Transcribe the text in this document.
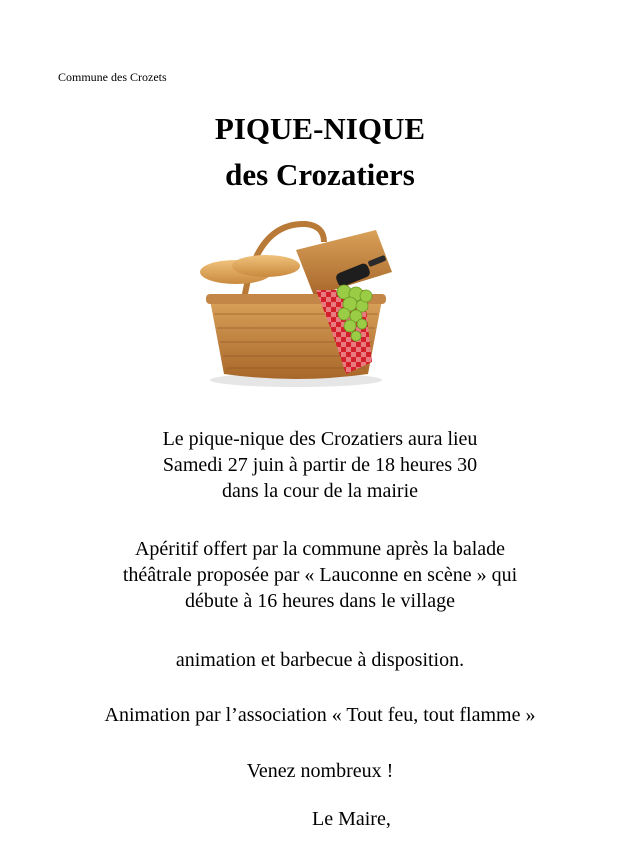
Commune des Crozets
PIQUE-NIQUE
des Crozatiers
Le pique-nique des Crozatiers aura lieu
Samedi 27 juin à partir de 18 heures 30
dans la cour de la mairie
Apéritif offert par la commune après la balade
théâtrale proposée par « Lauconne en scène » qui
débute à 16 heures dans le village
animation et barbecue à disposition.
Animation par l’association « Tout feu, tout flamme »
Venez nombreux !
Le Maire,
